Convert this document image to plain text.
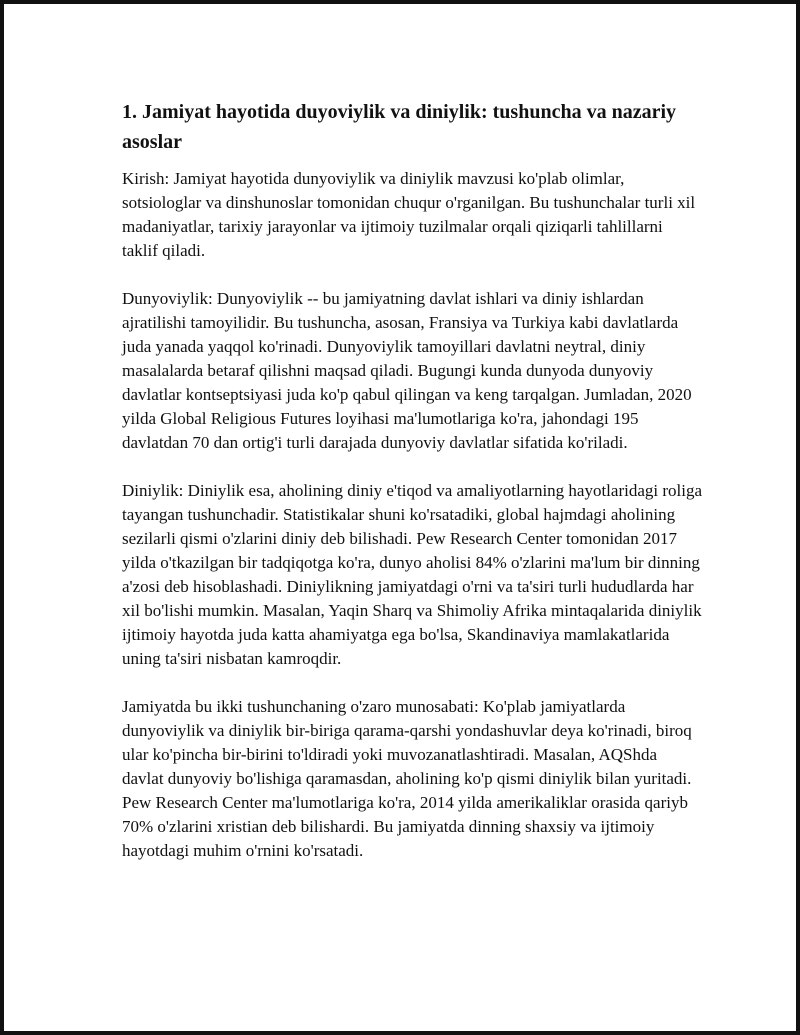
1. Jamiyat hayotida duyoviylik va diniylik: tushuncha va nazariy asoslar

Kirish: Jamiyat hayotida dunyoviylik va diniylik mavzusi ko'plab olimlar, sotsiologlar va dinshunoslar tomonidan chuqur o'rganilgan. Bu tushunchalar turli xil madaniyatlar, tarixiy jarayonlar va ijtimoiy tuzilmalar orqali qiziqarli tahlillarni taklif qiladi.

Dunyoviylik: Dunyoviylik -- bu jamiyatning davlat ishlari va diniy ishlardan ajratilishi tamoyilidir. Bu tushuncha, asosan, Fransiya va Turkiya kabi davlatlarda juda yanada yaqqol ko'rinadi. Dunyoviylik tamoyillari davlatni neytral, diniy masalalarda betaraf qilishni maqsad qiladi. Bugungi kunda dunyoda dunyoviy davlatlar kontseptsiyasi juda ko'p qabul qilingan va keng tarqalgan. Jumladan, 2020 yilda Global Religious Futures loyihasi ma'lumotlariga ko'ra, jahondagi 195 davlatdan 70 dan ortig'i turli darajada dunyoviy davlatlar sifatida ko'riladi.

Diniylik: Diniylik esa, aholining diniy e'tiqod va amaliyotlarning hayotlaridagi roliga tayangan tushunchadir. Statistikalar shuni ko'rsatadiki, global hajmdagi aholining sezilarli qismi o'zlarini diniy deb bilishadi. Pew Research Center tomonidan 2017 yilda o'tkazilgan bir tadqiqotga ko'ra, dunyo aholisi 84% o'zlarini ma'lum bir dinning a'zosi deb hisoblashadi. Diniylikning jamiyatdagi o'rni va ta'siri turli hududlarda har xil bo'lishi mumkin. Masalan, Yaqin Sharq va Shimoliy Afrika mintaqalarida diniylik ijtimoiy hayotda juda katta ahamiyatga ega bo'lsa, Skandinaviya mamlakatlarida uning ta'siri nisbatan kamroqdir.

Jamiyatda bu ikki tushunchaning o'zaro munosabati: Ko'plab jamiyatlarda dunyoviylik va diniylik bir-biriga qarama-qarshi yondashuvlar deya ko'rinadi, biroq ular ko'pincha bir-birini to'ldiradi yoki muvozanatlashtiradi. Masalan, AQShda davlat dunyoviy bo'lishiga qaramasdan, aholining ko'p qismi diniylik bilan yuritadi. Pew Research Center ma'lumotlariga ko'ra, 2014 yilda amerikaliklar orasida qariyb 70% o'zlarini xristian deb bilishardi. Bu jamiyatda dinning shaxsiy va ijtimoiy hayotdagi muhim o'rnini ko'rsatadi.
